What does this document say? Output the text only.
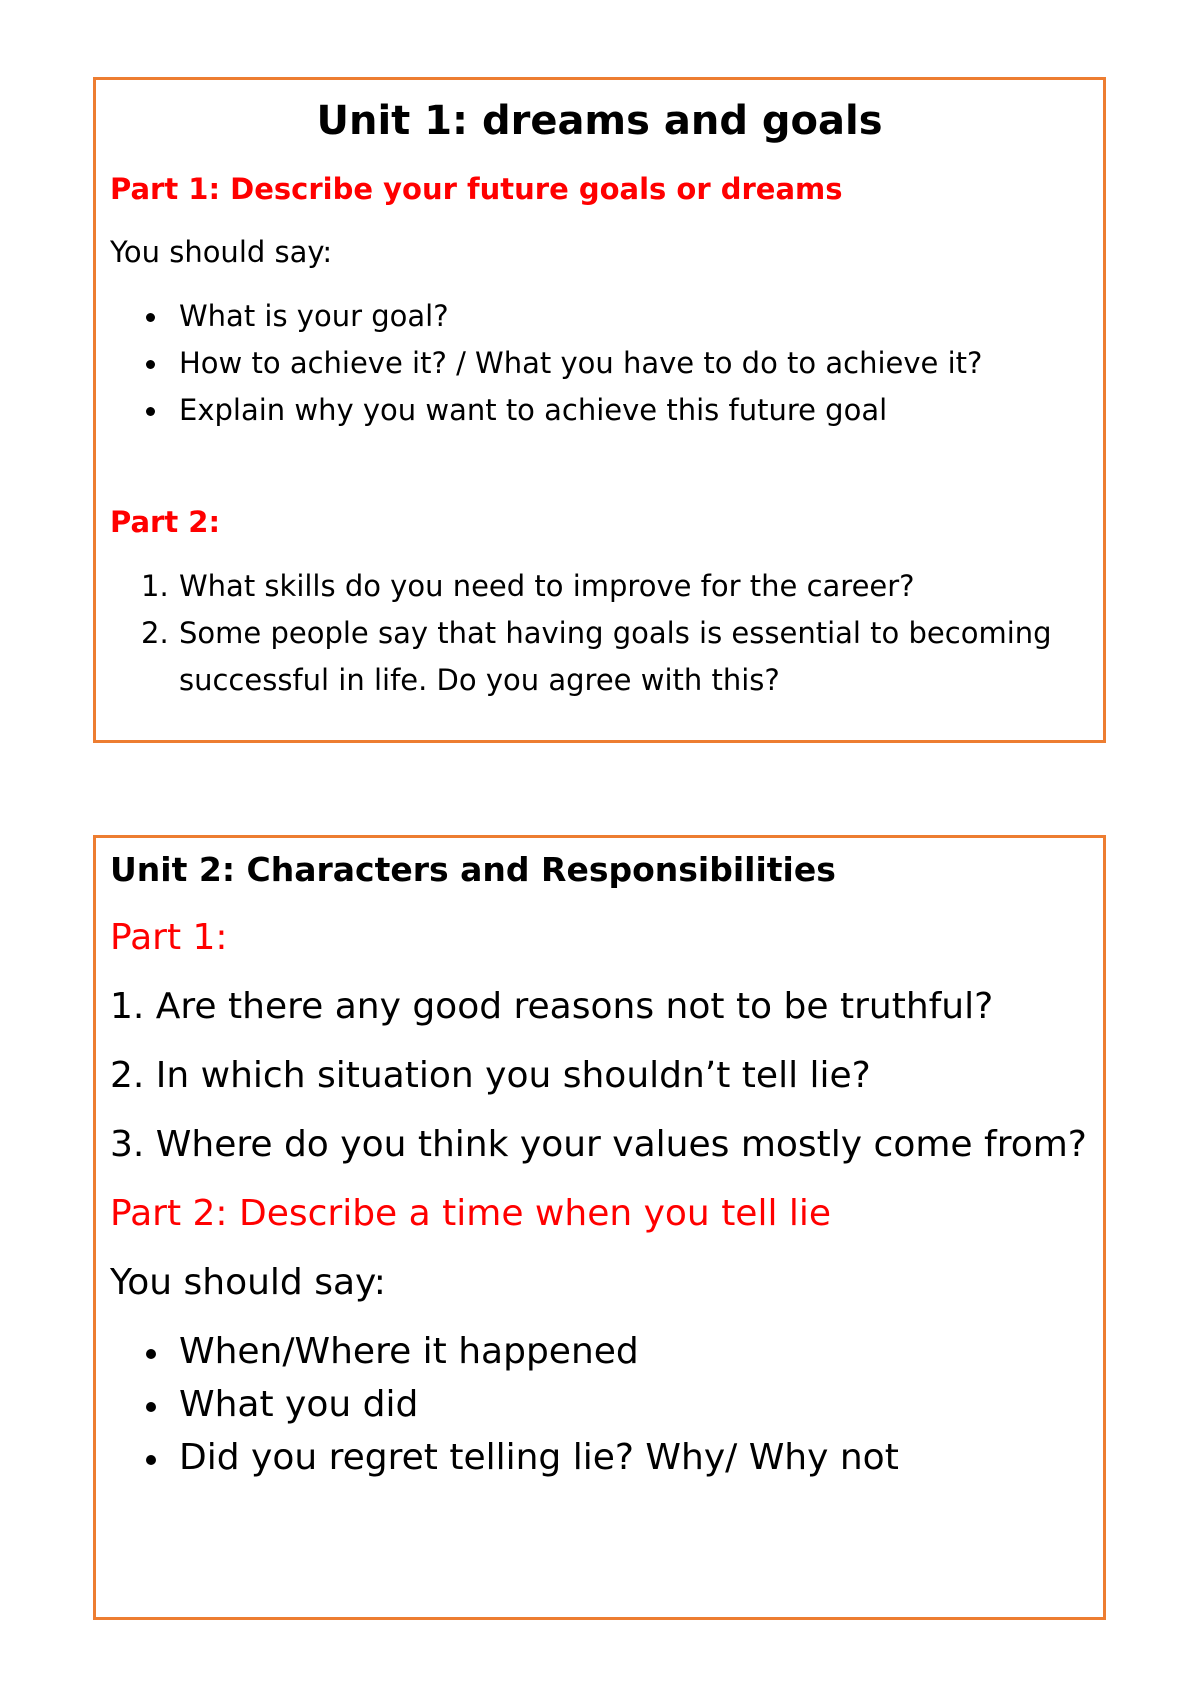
Unit 1: dreams and goals

Part 1: Describe your future goals or dreams

You should say:

What is your goal?
How to achieve it? / What you have to do to achieve it?
Explain why you want to achieve this future goal

Part 2:

1. What skills do you need to improve for the career?
2. Some people say that having goals is essential to becoming
successful in life. Do you agree with this?

Unit 2: Characters and Responsibilities

Part 1:

1. Are there any good reasons not to be truthful?

2. In which situation you shouldn’t tell lie?

3. Where do you think your values mostly come from?

Part 2: Describe a time when you tell lie

You should say:

When/Where it happened
What you did
Did you regret telling lie? Why/ Why not
